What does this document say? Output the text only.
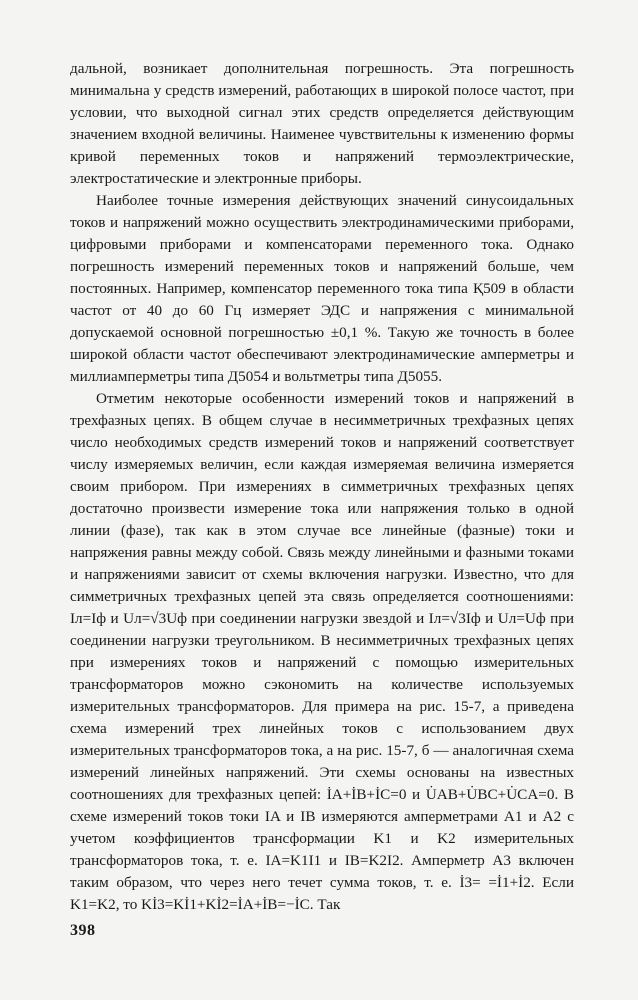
дальной, возникает дополнительная погрешность. Эта погрешность минимальна у средств измерений, работающих в широкой полосе частот, при условии, что выходной сигнал этих средств определяется действующим значением входной величины. Наименее чувствительны к изменению формы кривой переменных токов и напряжений термоэлектрические, электростатические и электронные приборы.

Наиболее точные измерения действующих значений синусоидальных токов и напряжений можно осуществить электродинамическими приборами, цифровыми приборами и компенсаторами переменного тока. Однако погрешность измерений переменных токов и напряжений больше, чем постоянных. Например, компенсатор переменного тока типа Қ509 в области частот от 40 до 60 Гц измеряет ЭДС и напряжения с минимальной допускаемой основной погрешностью ±0,1 %. Такую же точность в более широкой области частот обеспечивают электродинамические амперметры и миллиамперметры типа Д5054 и вольтметры типа Д5055.

Отметим некоторые особенности измерений токов и напряжений в трехфазных цепях. В общем случае в несимметричных трехфазных цепях число необходимых средств измерений токов и напряжений соответствует числу измеряемых величин, если каждая измеряемая величина измеряется своим прибором. При измерениях в симметричных трехфазных цепях достаточно произвести измерение тока или напряжения только в одной линии (фазе), так как в этом случае все линейные (фазные) токи и напряжения равны между собой. Связь между линейными и фазными токами и напряжениями зависит от схемы включения нагрузки. Известно, что для симметричных трехфазных цепей эта связь определяется соотношениями: Iл=Iф и Uл=√3Uф при соединении нагрузки звездой и Iл=√3Iф и Uл=Uф при соединении нагрузки треугольником. В несимметричных трехфазных цепях при измерениях токов и напряжений с помощью измерительных трансформаторов можно сэкономить на количестве используемых измерительных трансформаторов. Для примера на рис. 15-7, а приведена схема измерений трех линейных токов с использованием двух измерительных трансформаторов тока, а на рис. 15-7, б — аналогичная схема измерений линейных напряжений. Эти схемы основаны на известных соотношениях для трехфазных цепей: İA+İB+İC=0 и U̇AB+U̇BC+U̇CA=0. В схеме измерений токов токи IA и IB измеряются амперметрами A1 и A2 с учетом коэффициентов трансформации K1 и K2 измерительных трансформаторов тока, т. е. IA=K1I1 и IB=K2I2. Амперметр A3 включен таким образом, что через него течет сумма токов, т. е. İ3= =İ1+İ2. Если K1=K2, то Kİ3=Kİ1+Kİ2=İA+İB=−İC. Так

398
